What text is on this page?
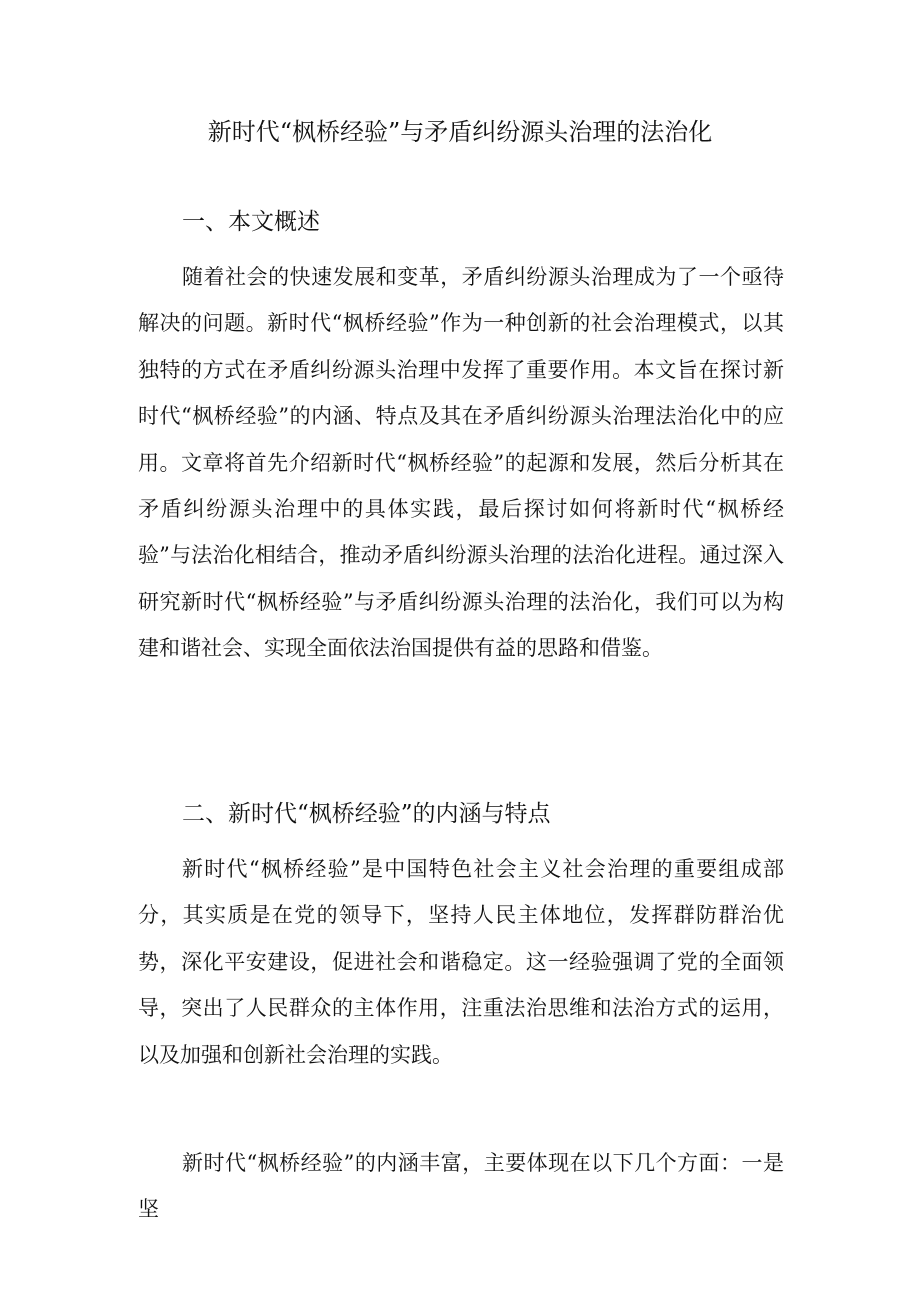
新时代“枫桥经验”与矛盾纠纷源头治理的法治化
一、本文概述

随着社会的快速发展和变革，矛盾纠纷源头治理成为了一个亟待解决的问题。新时代“枫桥经验”作为一种创新的社会治理模式，以其独特的方式在矛盾纠纷源头治理中发挥了重要作用。本文旨在探讨新时代“枫桥经验”的内涵、特点及其在矛盾纠纷源头治理法治化中的应用。文章将首先介绍新时代“枫桥经验”的起源和发展，然后分析其在矛盾纠纷源头治理中的具体实践，最后探讨如何将新时代“枫桥经验”与法治化相结合，推动矛盾纠纷源头治理的法治化进程。通过深入研究新时代“枫桥经验”与矛盾纠纷源头治理的法治化，我们可以为构建和谐社会、实现全面依法治国提供有益的思路和借鉴。

二、新时代“枫桥经验”的内涵与特点

新时代“枫桥经验”是中国特色社会主义社会治理的重要组成部分，其实质是在党的领导下，坚持人民主体地位，发挥群防群治优势，深化平安建设，促进社会和谐稳定。这一经验强调了党的全面领导，突出了人民群众的主体作用，注重法治思维和法治方式的运用，以及加强和创新社会治理的实践。

新时代“枫桥经验”的内涵丰富，主要体现在以下几个方面：一是坚
